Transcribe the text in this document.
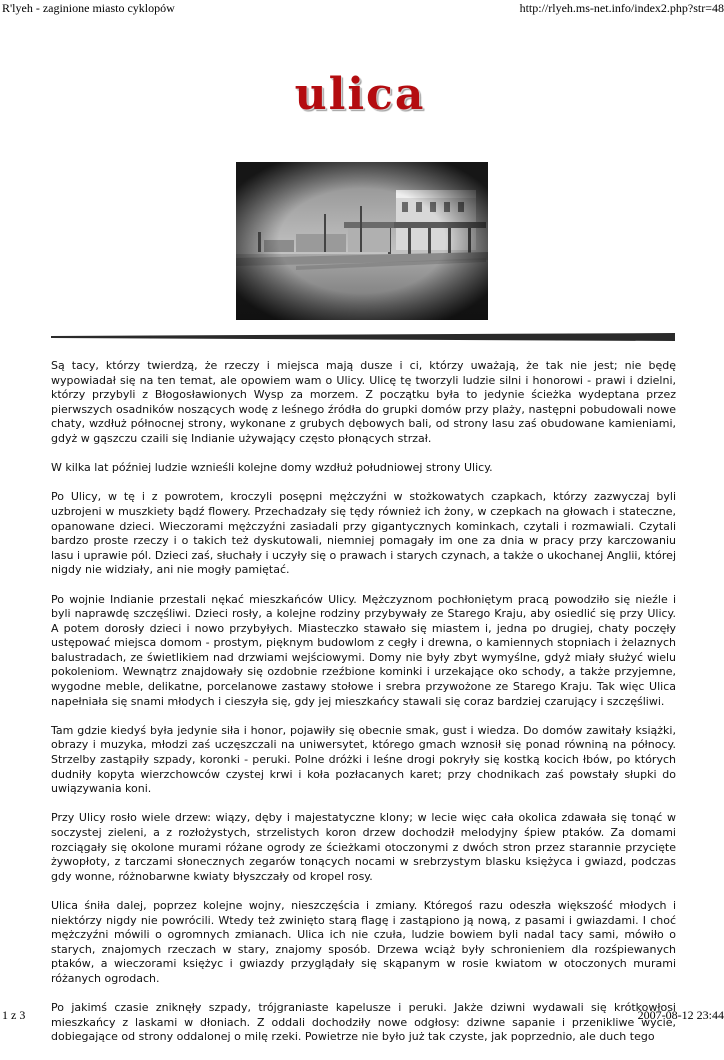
R'lyeh - zaginione miasto cyklopów	http://rlyeh.ms-net.info/index2.php?str=48
ulica

Są tacy, którzy twierdzą, że rzeczy i miejsca mają dusze i ci, którzy uważają, że tak nie jest; nie będę wypowiadał się na ten temat, ale opowiem wam o Ulicy. Ulicę tę tworzyli ludzie silni i honorowi - prawi i dzielni, którzy przybyli z Błogosławionych Wysp za morzem. Z początku była to jedynie ścieżka wydeptana przez pierwszych osadników noszących wodę z leśnego źródła do grupki domów przy plaży, następni pobudowali nowe chaty, wzdłuż północnej strony, wykonane z grubych dębowych bali, od strony lasu zaś obudowane kamieniami, gdyż w gąszczu czaili się Indianie używający często płonących strzał.

W kilka lat później ludzie wznieśli kolejne domy wzdłuż południowej strony Ulicy.

Po Ulicy, w tę i z powrotem, kroczyli posępni mężczyźni w stożkowatych czapkach, którzy zazwyczaj byli uzbrojeni w muszkiety bądź flowery. Przechadzały się tędy również ich żony, w czepkach na głowach i stateczne, opanowane dzieci. Wieczorami mężczyźni zasiadali przy gigantycznych kominkach, czytali i rozmawiali. Czytali bardzo proste rzeczy i o takich też dyskutowali, niemniej pomagały im one za dnia w pracy przy karczowaniu lasu i uprawie pól. Dzieci zaś, słuchały i uczyły się o prawach i starych czynach, a także o ukochanej Anglii, której nigdy nie widziały, ani nie mogły pamiętać.

Po wojnie Indianie przestali nękać mieszkańców Ulicy. Mężczyznom pochłoniętym pracą powodziło się nieźle i byli naprawdę szczęśliwi. Dzieci rosły, a kolejne rodziny przybywały ze Starego Kraju, aby osiedlić się przy Ulicy. A potem dorosły dzieci i nowo przybyłych. Miasteczko stawało się miastem i, jedna po drugiej, chaty poczęły ustępować miejsca domom - prostym, pięknym budowlom z cegły i drewna, o kamiennych stopniach i żelaznych balustradach, ze świetlikiem nad drzwiami wejściowymi. Domy nie były zbyt wymyślne, gdyż miały służyć wielu pokoleniom. Wewnątrz znajdowały się ozdobnie rzeźbione kominki i urzekające oko schody, a także przyjemne, wygodne meble, delikatne, porcelanowe zastawy stołowe i srebra przywożone ze Starego Kraju. Tak więc Ulica napełniała się snami młodych i cieszyła się, gdy jej mieszkańcy stawali się coraz bardziej czarujący i szczęśliwi.

Tam gdzie kiedyś była jedynie siła i honor, pojawiły się obecnie smak, gust i wiedza. Do domów zawitały książki, obrazy i muzyka, młodzi zaś uczęszczali na uniwersytet, którego gmach wznosił się ponad równiną na północy. Strzelby zastąpiły szpady, koronki - peruki. Polne dróżki i leśne drogi pokryły się kostką kocich łbów, po których dudniły kopyta wierzchowców czystej krwi i koła pozłacanych karet; przy chodnikach zaś powstały słupki do uwiązywania koni.

Przy Ulicy rosło wiele drzew: wiązy, dęby i majestatyczne klony; w lecie więc cała okolica zdawała się tonąć w soczystej zieleni, a z rozłożystych, strzelistych koron drzew dochodził melodyjny śpiew ptaków. Za domami rozciągały się okolone murami różane ogrody ze ścieżkami otoczonymi z dwóch stron przez starannie przycięte żywopłoty, z tarczami słonecznych zegarów tonących nocami w srebrzystym blasku księżyca i gwiazd, podczas gdy wonne, różnobarwne kwiaty błyszczały od kropel rosy.

Ulica śniła dalej, poprzez kolejne wojny, nieszczęścia i zmiany. Któregoś razu odeszła większość młodych i niektórzy nigdy nie powrócili. Wtedy też zwinięto starą flagę i zastąpiono ją nową, z pasami i gwiazdami. I choć mężczyźni mówili o ogromnych zmianach. Ulica ich nie czuła, ludzie bowiem byli nadal tacy sami, mówiło o starych, znajomych rzeczach w stary, znajomy sposób. Drzewa wciąż były schronieniem dla rozśpiewanych ptaków, a wieczorami księżyc i gwiazdy przyglądały się skąpanym w rosie kwiatom w otoczonych murami różanych ogrodach.

Po jakimś czasie zniknęły szpady, trójgraniaste kapelusze i peruki. Jakże dziwni wydawali się krótkowłosi mieszkańcy z laskami w dłoniach. Z oddali dochodziły nowe odgłosy: dziwne sapanie i przenikliwe wycie, dobiegające od strony oddalonej o milę rzeki. Powietrze nie było już tak czyste, jak poprzednio, ale duch tego

1 z 3	2007-08-12 23:44
